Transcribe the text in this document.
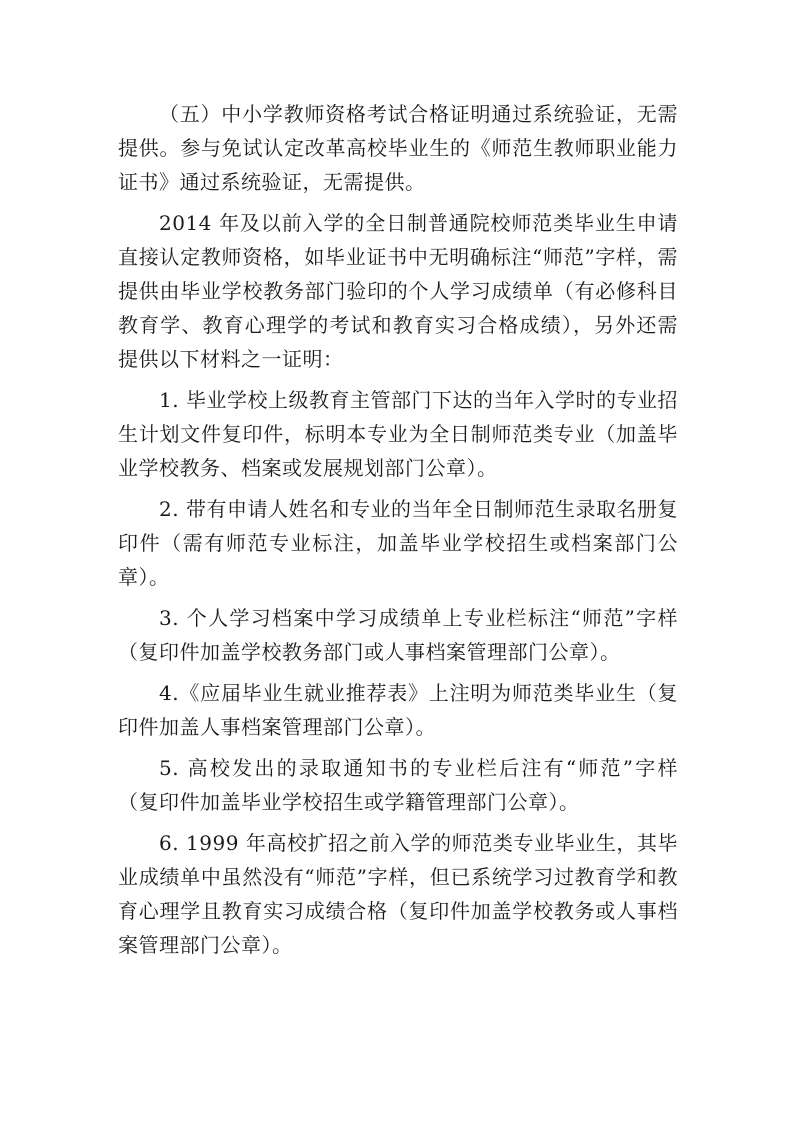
（五）中小学教师资格考试合格证明通过系统验证，无需提供。参与免试认定改革高校毕业生的《师范生教师职业能力证书》通过系统验证，无需提供。

2014 年及以前入学的全日制普通院校师范类毕业生申请直接认定教师资格，如毕业证书中无明确标注“师范”字样，需提供由毕业学校教务部门验印的个人学习成绩单（有必修科目教育学、教育心理学的考试和教育实习合格成绩），另外还需提供以下材料之一证明：

1. 毕业学校上级教育主管部门下达的当年入学时的专业招生计划文件复印件，标明本专业为全日制师范类专业（加盖毕业学校教务、档案或发展规划部门公章）。

2. 带有申请人姓名和专业的当年全日制师范生录取名册复印件（需有师范专业标注，加盖毕业学校招生或档案部门公章）。

3. 个人学习档案中学习成绩单上专业栏标注“师范”字样（复印件加盖学校教务部门或人事档案管理部门公章）。

4.《应届毕业生就业推荐表》上注明为师范类毕业生（复印件加盖人事档案管理部门公章）。

5. 高校发出的录取通知书的专业栏后注有“师范”字样（复印件加盖毕业学校招生或学籍管理部门公章）。

6. 1999 年高校扩招之前入学的师范类专业毕业生，其毕业成绩单中虽然没有“师范”字样，但已系统学习过教育学和教育心理学且教育实习成绩合格（复印件加盖学校教务或人事档案管理部门公章）。
